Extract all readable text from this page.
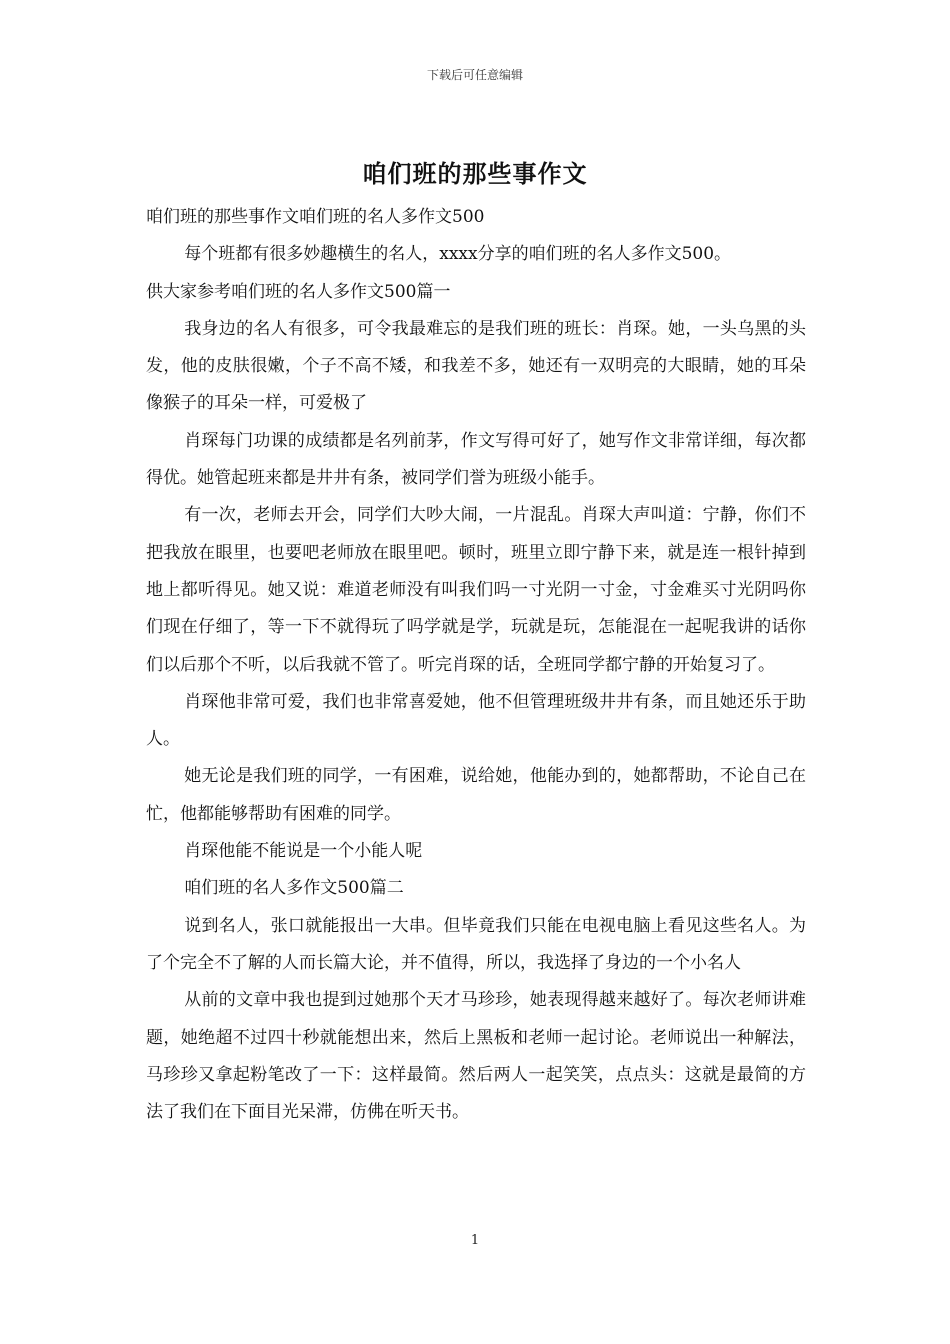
下载后可任意编辑
咱们班的那些事作文

咱们班的那些事作文咱们班的名人多作文500

每个班都有很多妙趣横生的名人，xxxx分享的咱们班的名人多作文500。

供大家参考咱们班的名人多作文500篇一

我身边的名人有很多，可令我最难忘的是我们班的班长：肖琛。她，一头乌黑的头发，他的皮肤很嫩，个子不高不矮，和我差不多，她还有一双明亮的大眼睛，她的耳朵像猴子的耳朵一样，可爱极了

肖琛每门功课的成绩都是名列前茅，作文写得可好了，她写作文非常详细，每次都得优。她管起班来都是井井有条，被同学们誉为班级小能手。

有一次，老师去开会，同学们大吵大闹，一片混乱。肖琛大声叫道：宁静，你们不把我放在眼里，也要吧老师放在眼里吧。顿时，班里立即宁静下来，就是连一根针掉到地上都听得见。她又说：难道老师没有叫我们吗一寸光阴一寸金，寸金难买寸光阴吗你们现在仔细了，等一下不就得玩了吗学就是学，玩就是玩，怎能混在一起呢我讲的话你们以后那个不听，以后我就不管了。听完肖琛的话，全班同学都宁静的开始复习了。

肖琛他非常可爱，我们也非常喜爱她，他不但管理班级井井有条，而且她还乐于助人。

她无论是我们班的同学，一有困难，说给她，他能办到的，她都帮助，不论自己在忙，他都能够帮助有困难的同学。

肖琛他能不能说是一个小能人呢

咱们班的名人多作文500篇二

说到名人，张口就能报出一大串。但毕竟我们只能在电视电脑上看见这些名人。为了个完全不了解的人而长篇大论，并不值得，所以，我选择了身边的一个小名人

从前的文章中我也提到过她那个天才马珍珍，她表现得越来越好了。每次老师讲难题，她绝超不过四十秒就能想出来，然后上黑板和老师一起讨论。老师说出一种解法，马珍珍又拿起粉笔改了一下：这样最简。然后两人一起笑笑，点点头：这就是最简的方法了我们在下面目光呆滞，仿佛在听天书。

1
